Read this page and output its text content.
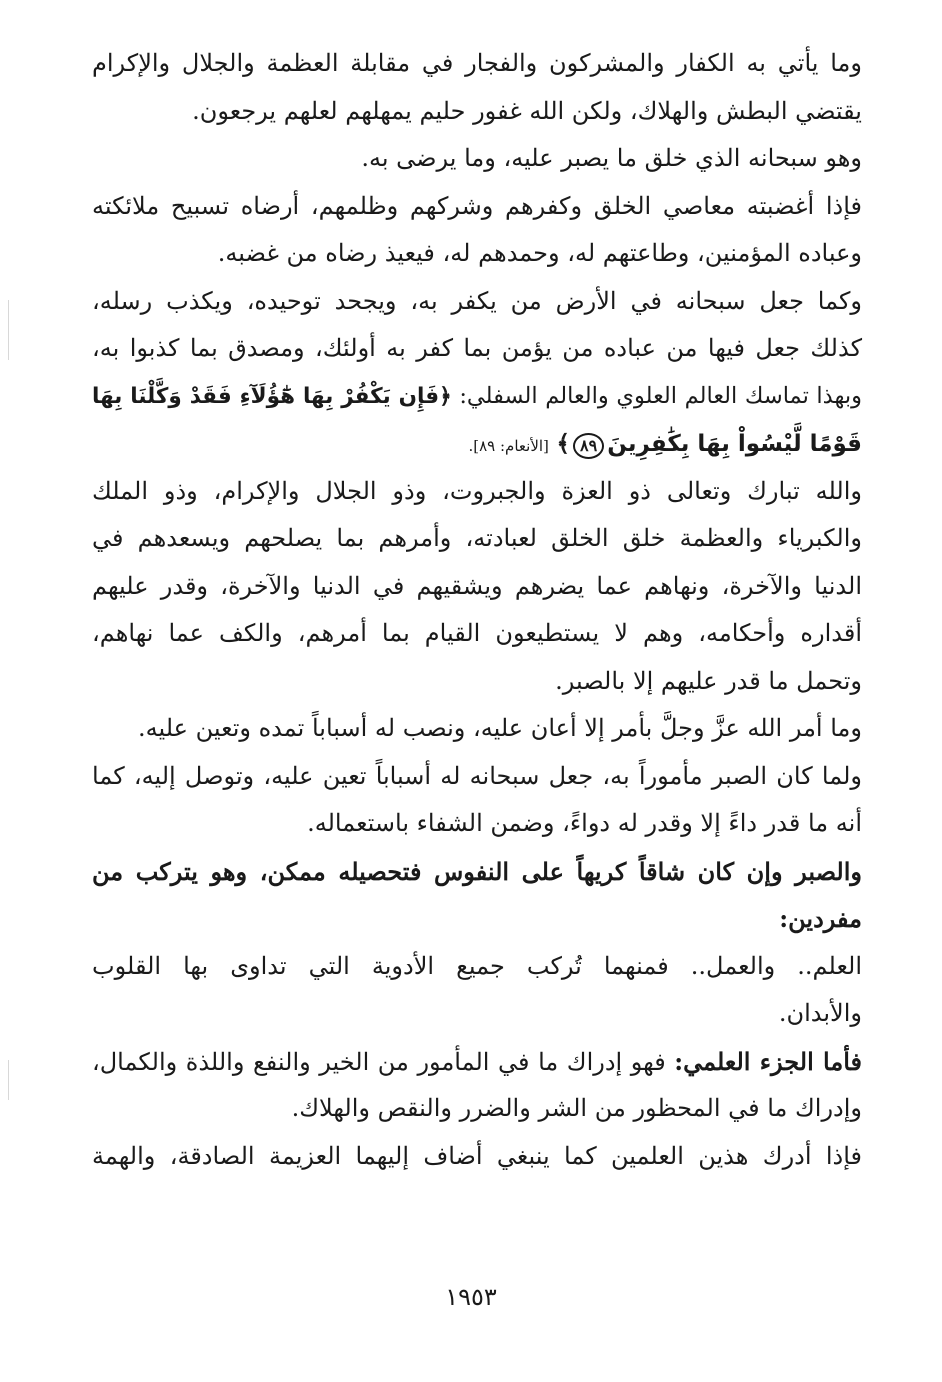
وما يأتي به الكفار والمشركون والفجار في مقابلة العظمة والجلال والإكرام
يقتضي البطش والهلاك، ولكن الله غفور حليم يمهلهم لعلهم يرجعون.
وهو سبحانه الذي خلق ما يصبر عليه، وما يرضى به.
فإذا أغضبته معاصي الخلق وكفرهم وشركهم وظلمهم، أرضاه تسبيح ملائكته
وعباده المؤمنين، وطاعتهم له، وحمدهم له، فيعيذ رضاه من غضبه.
وكما جعل سبحانه في الأرض من يكفر به، ويجحد توحيده، ويكذب رسله،
كذلك جعل فيها من عباده من يؤمن بما كفر به أولئك، ومصدق بما كذبوا به،
وبهذا تماسك العالم العلوي والعالم السفلي: ﴿فَإِن يَكْفُرْ بِهَا هَٰٓؤُلَآءِ فَقَدْ وَكَّلْنَا بِهَا
قَوْمًا لَّيْسُواْ بِهَا بِكَٰفِرِينَ٨٩﴾ [الأنعام: ٨٩].
والله تبارك وتعالى ذو العزة والجبروت، وذو الجلال والإكرام، وذو الملك
والكبرياء والعظمة خلق الخلق لعبادته، وأمرهم بما يصلحهم ويسعدهم في
الدنيا والآخرة، ونهاهم عما يضرهم ويشقيهم في الدنيا والآخرة، وقدر عليهم
أقداره وأحكامه، وهم لا يستطيعون القيام بما أمرهم، والكف عما نهاهم،
وتحمل ما قدر عليهم إلا بالصبر.
وما أمر الله عزَّ وجلَّ بأمر إلا أعان عليه، ونصب له أسباباً تمده وتعين عليه.
ولما كان الصبر مأموراً به، جعل سبحانه له أسباباً تعين عليه، وتوصل إليه، كما
أنه ما قدر داءً إلا وقدر له دواءً، وضمن الشفاء باستعماله.
والصبر وإن كان شاقاً كريهاً على النفوس فتحصيله ممكن، وهو يتركب من
مفردين:
العلم.. والعمل.. فمنهما تُركب جميع الأدوية التي تداوى بها القلوب
والأبدان.
فأما الجزء العلمي: فهو إدراك ما في المأمور من الخير والنفع واللذة والكمال،
وإدراك ما في المحظور من الشر والضرر والنقص والهلاك.
فإذا أدرك هذين العلمين كما ينبغي أضاف إليهما العزيمة الصادقة، والهمة
١٩٥٣
